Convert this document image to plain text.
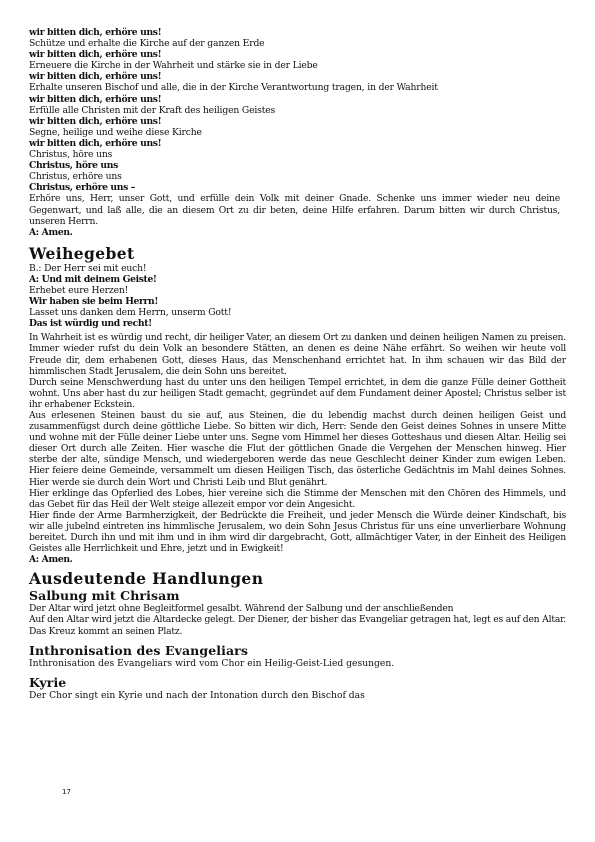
wir bitten dich, erhöre uns!

Schütze und erhalte die Kirche auf der ganzen Erde

wir bitten dich, erhöre uns!

Erneuere die Kirche in der Wahrheit und stärke sie in der Liebe

wir bitten dich, erhöre uns!

Erhalte unseren Bischof und alle, die in der Kirche Verantwortung tragen, in der Wahrheit

wir bitten dich, erhöre uns!

Erfülle alle Christen mit der Kraft des heiligen Geistes

wir bitten dich, erhöre uns!

Segne, heilige und weihe diese Kirche

wir bitten dich, erhöre uns!

Christus, höre uns

Christus, höre uns

Christus, erhöre uns

Christus, erhöre uns –

Erhöre uns, Herr, unser Gott, und erfülle dein Volk mit deiner Gnade. Schenke uns immer wieder neu deine Gegenwart, und laß alle, die an diesem Ort zu dir beten, deine Hilfe erfahren. Darum bitten wir durch Christus, unseren Herrn.

A: Amen.

Weihegebet

B.: Der Herr sei mit euch!

A: Und mit deinem Geiste!

Erhebet eure Herzen!

Wir haben sie beim Herrn!

Lasset uns danken dem Herrn, unserm Gott!

Das ist würdig und recht!

In Wahrheit ist es würdig und recht, dir heiliger Vater, an diesem Ort zu danken und deinen heiligen Namen zu preisen. Immer wieder rufst du dein Volk an besondere Stätten, an denen es deine Nähe erfährt. So weihen wir heute voll Freude dir, dem erhabenen Gott, dieses Haus, das Menschenhand errichtet hat. In ihm schauen wir das Bild der himmlischen Stadt Jerusalem, die dein Sohn uns bereitet.

Durch seine Menschwerdung hast du unter uns den heiligen Tempel errichtet, in dem die ganze Fülle deiner Gottheit wohnt. Uns aber hast du zur heiligen Stadt gemacht, gegründet auf dem Fundament deiner Apostel; Christus selber ist ihr erhabener Eckstein.

Aus erlesenen Steinen baust du sie auf, aus Steinen, die du lebendig machst durch deinen heiligen Geist und zusammenfügst durch deine göttliche Liebe. So bitten wir dich, Herr: Sende den Geist deines Sohnes in unsere Mitte und wohne mit der Fülle deiner Liebe unter uns. Segne vom Himmel her dieses Gotteshaus und diesen Altar. Heilig sei dieser Ort durch alle Zeiten. Hier wasche die Flut der göttlichen Gnade die Vergehen der Menschen hinweg. Hier sterbe der alte, sündige Mensch, und wiedergeboren werde das neue Geschlecht deiner Kinder zum ewigen Leben. Hier feiere deine Gemeinde, versammelt um diesen Heiligen Tisch, das österliche Gedächtnis im Mahl deines Sohnes. Hier werde sie durch dein Wort und Christi Leib und Blut genährt.

Hier erklinge das Opferlied des Lobes, hier vereine sich die Stimme der Menschen mit den Chören des Himmels, und das Gebet für das Heil der Welt steige allezeit empor vor dein Angesicht.

Hier finde der Arme Barmherzigkeit, der Bedrückte die Freiheit, und jeder Mensch die Würde deiner Kindschaft, bis wir alle jubelnd eintreten ins himmlische Jerusalem, wo dein Sohn Jesus Christus für uns eine unverlierbare Wohnung bereitet. Durch ihn und mit ihm und in ihm wird dir dargebracht, Gott, allmächtiger Vater, in der Einheit des Heiligen Geistes alle Herrlichkeit und Ehre, jetzt und in Ewigkeit!

A: Amen.

Ausdeutende Handlungen
Salbung mit Chrisam

Der Altar wird jetzt ohne Begleitformel gesalbt. Während der Salbung und der anschließenden

Auf den Altar wird jetzt die Altardecke gelegt. Der Diener, der bisher das Evangeliar getragen hat, legt es auf den Altar. Das Kreuz kommt an seinen Platz.

Inthronisation des Evangeliars

Inthronisation des Evangeliars wird vom Chor ein Heilig-Geist-Lied gesungen.

Kyrie

Der Chor singt ein Kyrie und nach der Intonation durch den Bischof das

17
